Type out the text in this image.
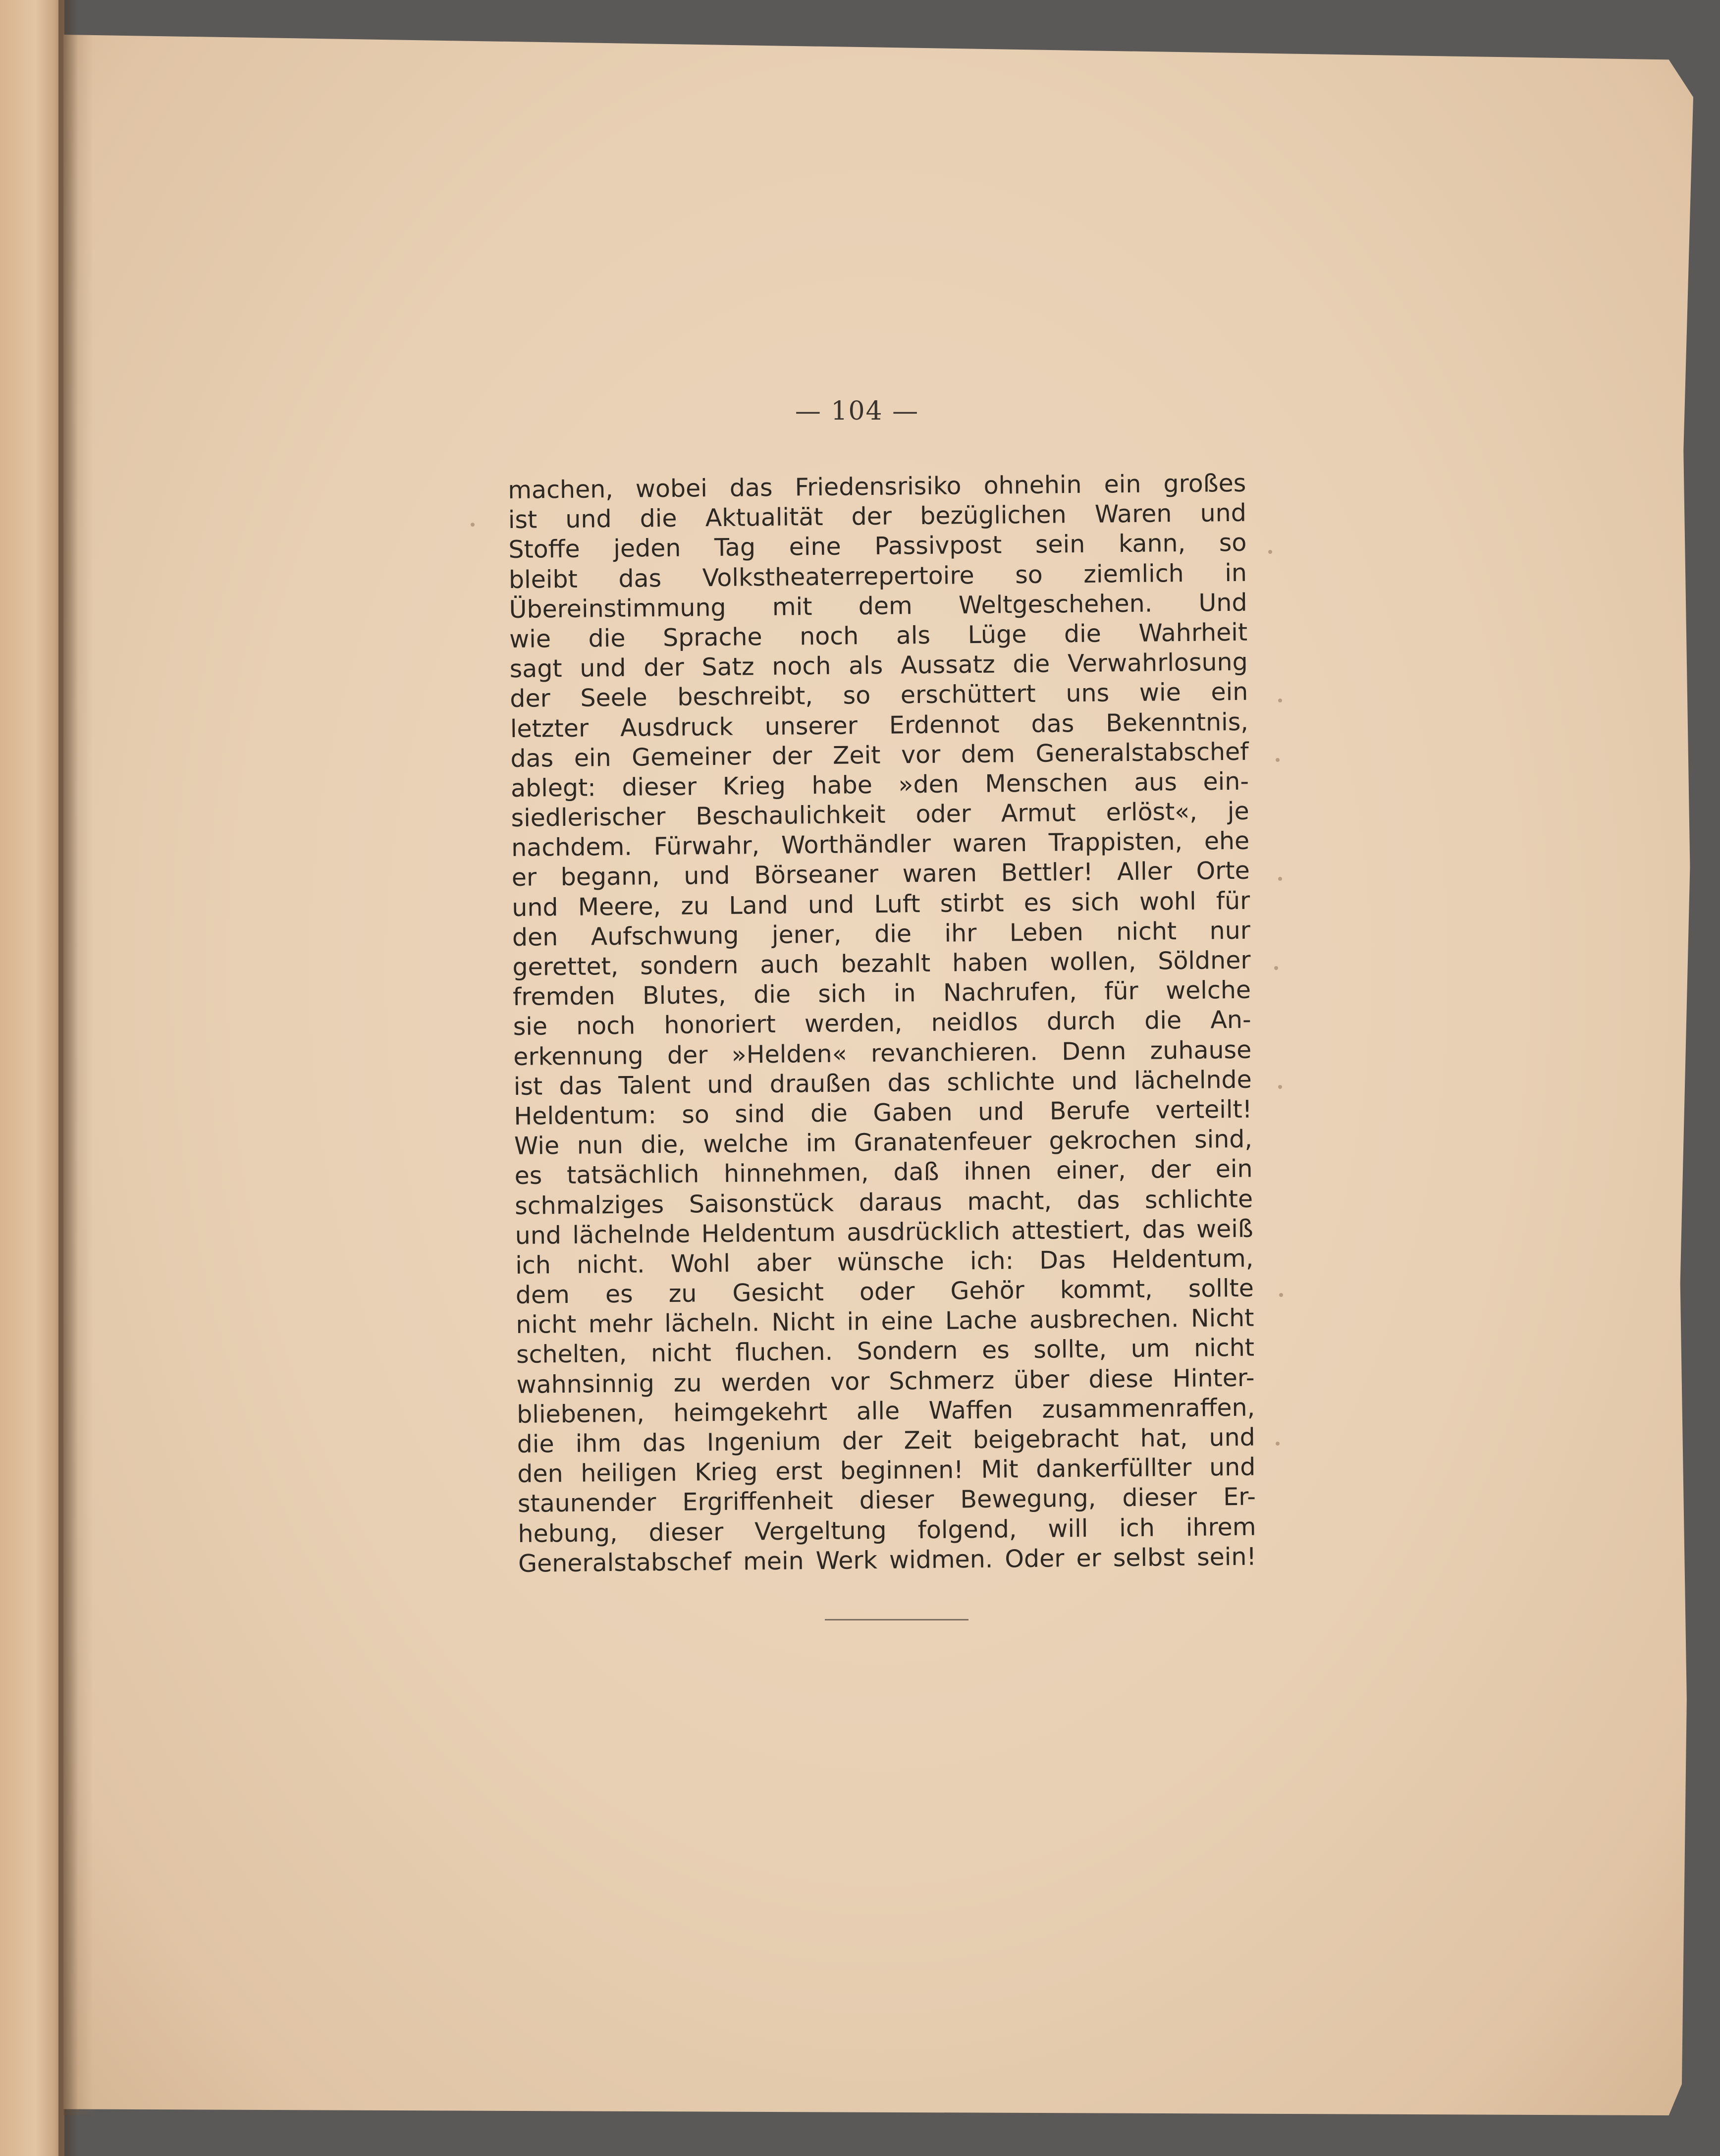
— 104 —
machen, wobei das Friedensrisiko ohnehin ein großes
ist und die Aktualität der bezüglichen Waren und
Stoffe jeden Tag eine Passivpost sein kann, so
bleibt das Volkstheaterrepertoire so ziemlich in
Übereinstimmung mit dem Weltgeschehen. Und
wie die Sprache noch als Lüge die Wahrheit
sagt und der Satz noch als Aussatz die Verwahrlosung
der Seele beschreibt, so erschüttert uns wie ein
letzter Ausdruck unserer Erdennot das Bekenntnis,
das ein Gemeiner der Zeit vor dem Generalstabschef
ablegt: dieser Krieg habe »den Menschen aus ein-
siedlerischer Beschaulichkeit oder Armut erlöst«, je
nachdem. Fürwahr, Worthändler waren Trappisten, ehe
er begann, und Börseaner waren Bettler! Aller Orte
und Meere, zu Land und Luft stirbt es sich wohl für
den Aufschwung jener, die ihr Leben nicht nur
gerettet, sondern auch bezahlt haben wollen, Söldner
fremden Blutes, die sich in Nachrufen, für welche
sie noch honoriert werden, neidlos durch die An-
erkennung der »Helden« revanchieren. Denn zuhause
ist das Talent und draußen das schlichte und lächelnde
Heldentum: so sind die Gaben und Berufe verteilt!
Wie nun die, welche im Granatenfeuer gekrochen sind,
es tatsächlich hinnehmen, daß ihnen einer, der ein
schmalziges Saisonstück daraus macht, das schlichte
und lächelnde Heldentum ausdrücklich attestiert, das weiß
ich nicht. Wohl aber wünsche ich: Das Heldentum,
dem es zu Gesicht oder Gehör kommt, sollte
nicht mehr lächeln. Nicht in eine Lache ausbrechen. Nicht
schelten, nicht fluchen. Sondern es sollte, um nicht
wahnsinnig zu werden vor Schmerz über diese Hinter-
bliebenen, heimgekehrt alle Waffen zusammenraffen,
die ihm das Ingenium der Zeit beigebracht hat, und
den heiligen Krieg erst beginnen! Mit dankerfüllter und
staunender Ergriffenheit dieser Bewegung, dieser Er-
hebung, dieser Vergeltung folgend, will ich ihrem
Generalstabschef mein Werk widmen. Oder er selbst sein!
